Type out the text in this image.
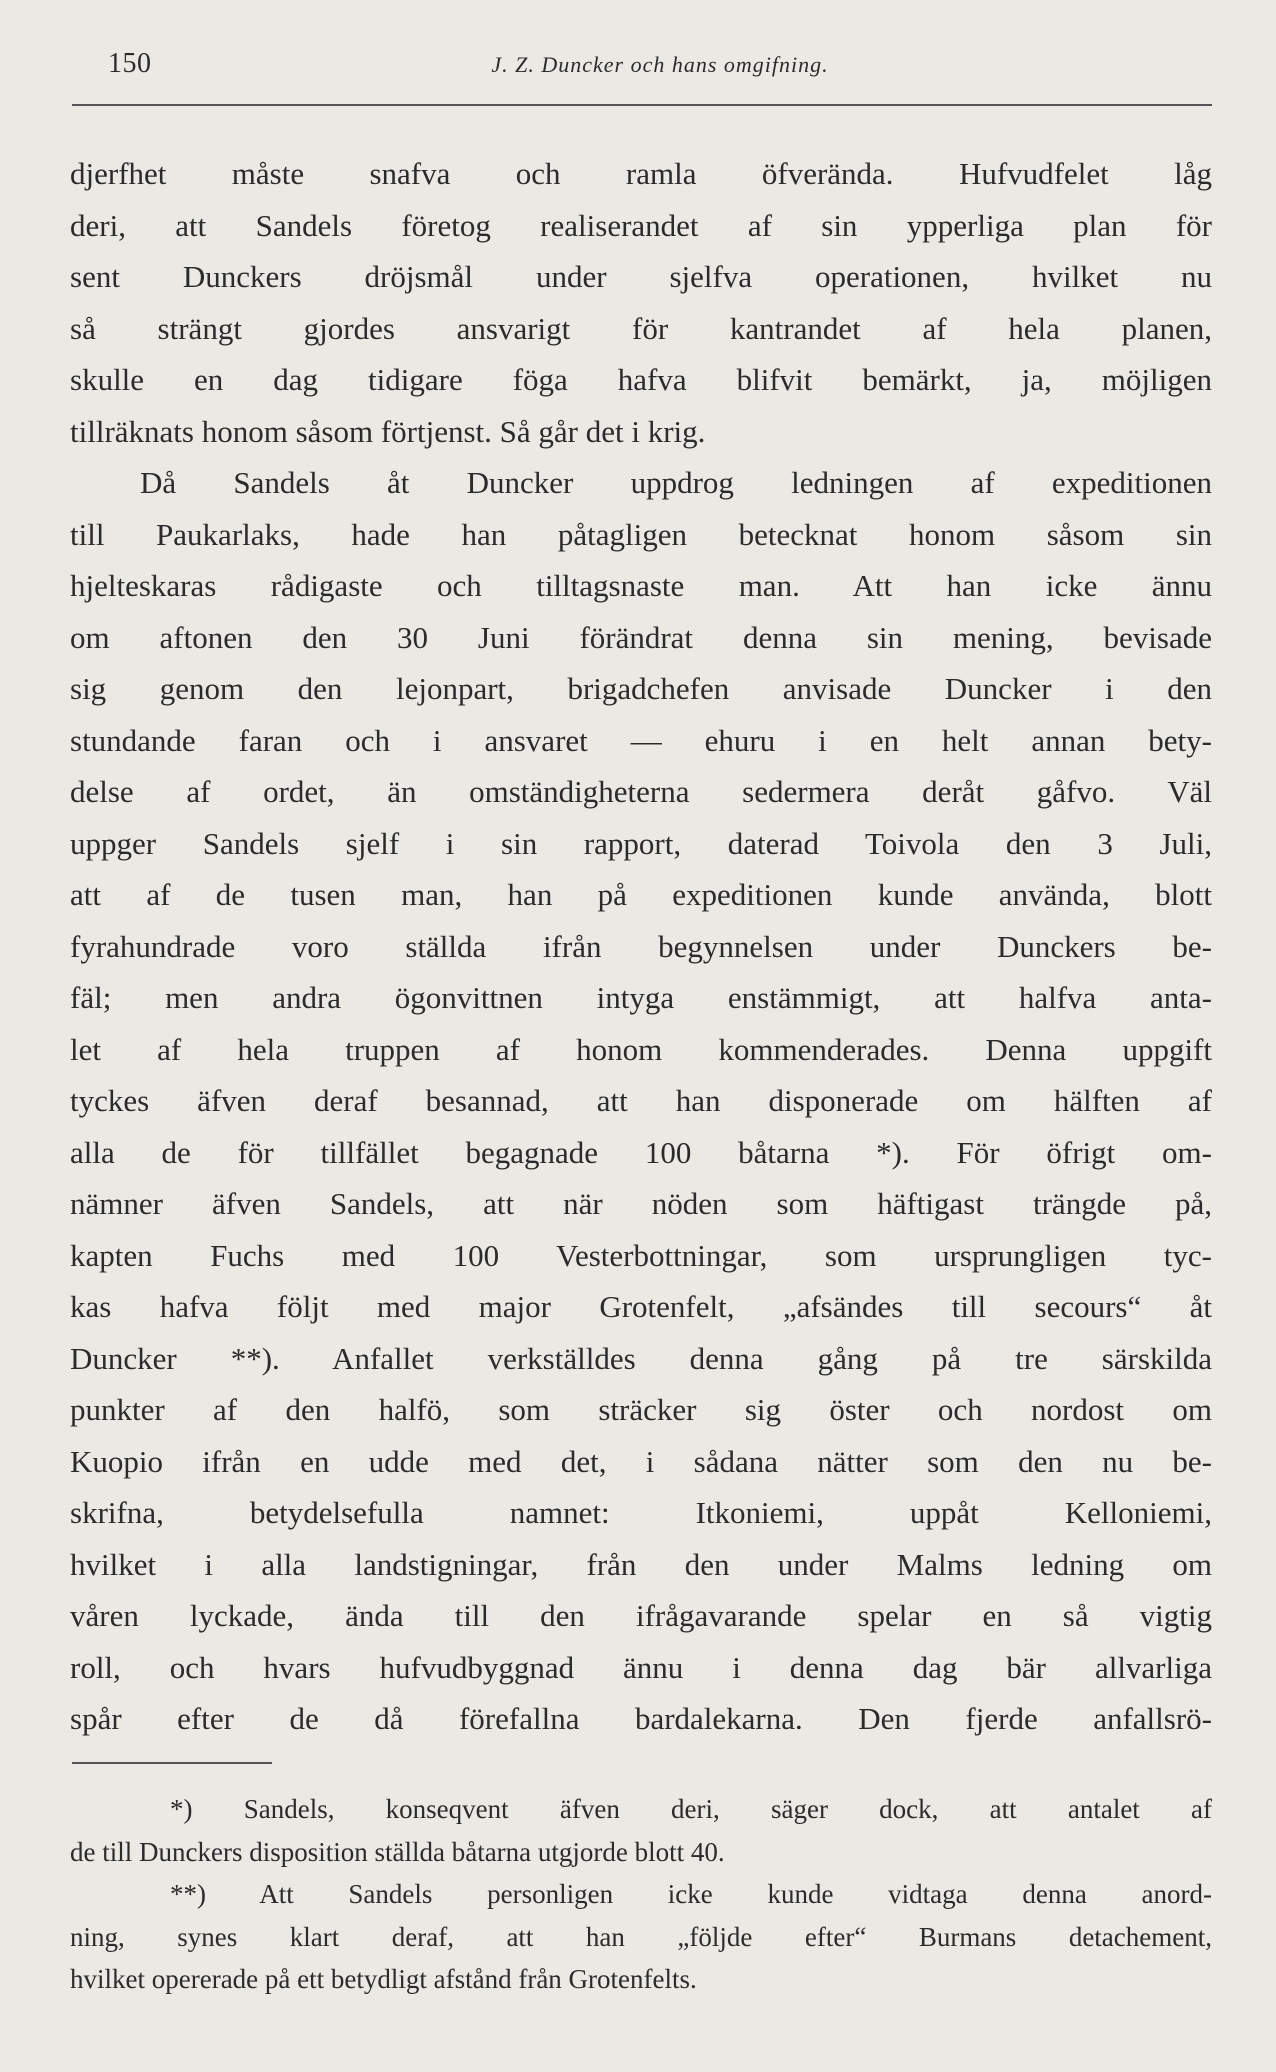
150	J. Z. Duncker och hans omgifning.
djerfhet måste snafva och ramla öfverända. Hufvudfelet låg
deri, att Sandels företog realiserandet af sin ypperliga plan för
sent Dunckers dröjsmål under sjelfva operationen, hvilket nu
så strängt gjordes ansvarigt för kantrandet af hela planen,
skulle en dag tidigare föga hafva blifvit bemärkt, ja, möjligen
tillräknats honom såsom förtjenst. Så går det i krig.
Då Sandels åt Duncker uppdrog ledningen af expeditionen
till Paukarlaks, hade han påtagligen betecknat honom såsom sin
hjelteskaras rådigaste och tilltagsnaste man. Att han icke ännu
om aftonen den 30 Juni förändrat denna sin mening, bevisade
sig genom den lejonpart, brigadchefen anvisade Duncker i den
stundande faran och i ansvaret — ehuru i en helt annan bety-
delse af ordet, än omständigheterna sedermera deråt gåfvo. Väl
uppger Sandels sjelf i sin rapport, daterad Toivola den 3 Juli,
att af de tusen man, han på expeditionen kunde använda, blott
fyrahundrade voro ställda ifrån begynnelsen under Dunckers be-
fäl; men andra ögonvittnen intyga enstämmigt, att halfva anta-
let af hela truppen af honom kommenderades. Denna uppgift
tyckes äfven deraf besannad, att han disponerade om hälften af
alla de för tillfället begagnade 100 båtarna *). För öfrigt om-
nämner äfven Sandels, att när nöden som häftigast trängde på,
kapten Fuchs med 100 Vesterbottningar, som ursprungligen tyc-
kas hafva följt med major Grotenfelt, „afsändes till secours“ åt
Duncker **). Anfallet verkställdes denna gång på tre särskilda
punkter af den halfö, som sträcker sig öster och nordost om
Kuopio ifrån en udde med det, i sådana nätter som den nu be-
skrifna, betydelsefulla namnet: Itkoniemi, uppåt Kelloniemi,
hvilket i alla landstigningar, från den under Malms ledning om
våren lyckade, ända till den ifrågavarande spelar en så vigtig
roll, och hvars hufvudbyggnad ännu i denna dag bär allvarliga
spår efter de då förefallna bardalekarna. Den fjerde anfallsrö-
*) Sandels, konseqvent äfven deri, säger dock, att antalet af
de till Dunckers disposition ställda båtarna utgjorde blott 40.
**) Att Sandels personligen icke kunde vidtaga denna anord-
ning, synes klart deraf, att han „följde efter“ Burmans detachement,
hvilket opererade på ett betydligt afstånd från Grotenfelts.
